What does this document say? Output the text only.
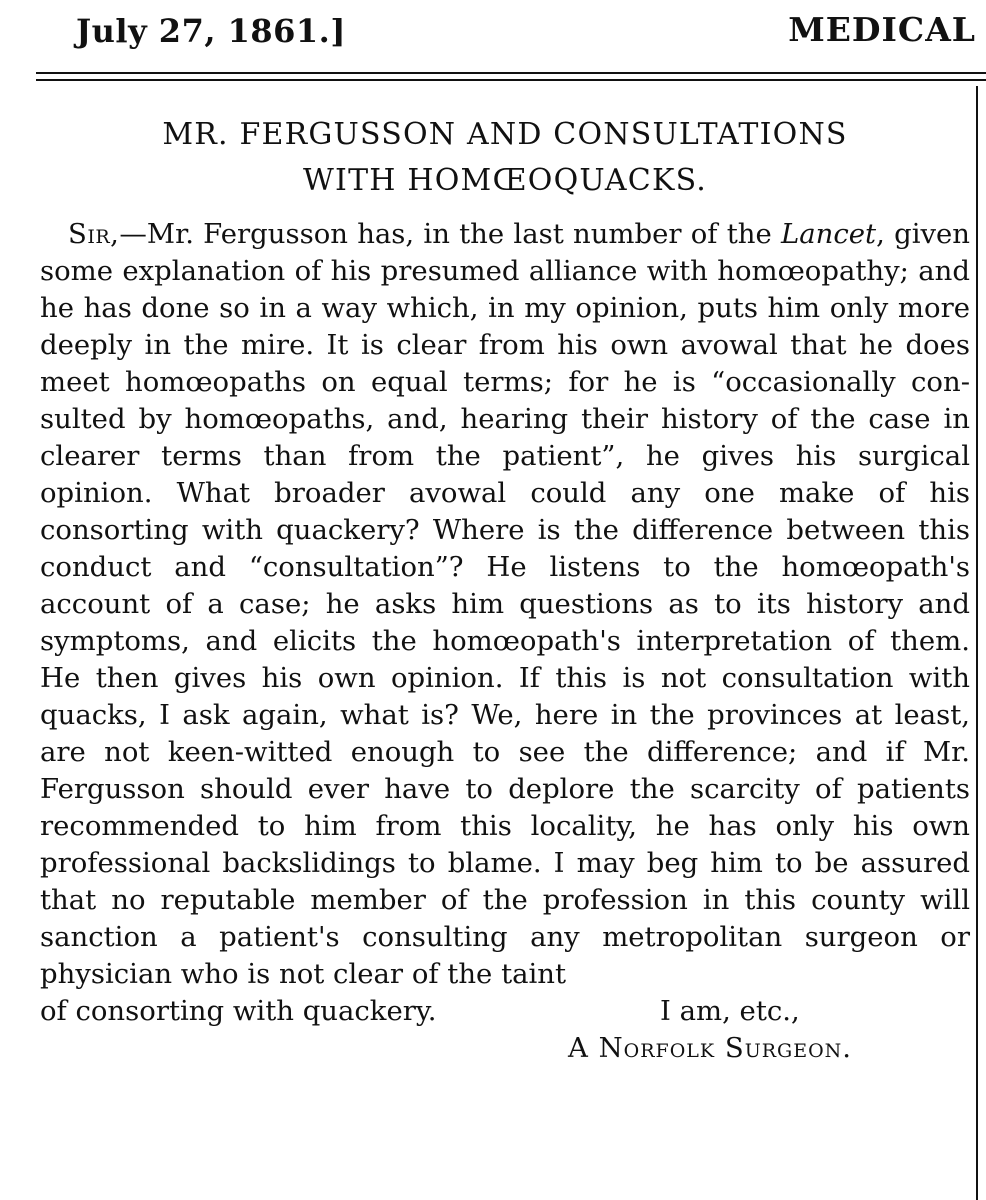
July 27, 1861.]	MEDICAL
MR. FERGUSSON AND CONSULTATIONS
WITH HOMŒOQUACKS.

Sir,—Mr. Fergusson has, in the last number of the Lancet, given some explanation of his presumed alliance with homœopathy; and he has done so in a way which, in my opinion, puts him only more deeply in the mire. It is clear from his own avowal that he does meet homœopaths on equal terms; for he is “occasionally consulted by homœopaths, and, hearing their history of the case in clearer terms than from the patient”, he gives his surgical opinion. What broader avowal could any one make of his consorting with quackery? Where is the difference between this conduct and “consultation”? He listens to the homœopath's account of a case; he asks him questions as to its history and symptoms, and elicits the homœopath's interpretation of them. He then gives his own opinion. If this is not consultation with quacks, I ask again, what is? We, here in the provinces at least, are not keen-witted enough to see the difference; and if Mr. Fergusson should ever have to deplore the scarcity of patients recommended to him from this locality, he has only his own professional backslidings to blame. I may beg him to be assured that no reputable member of the profession in this county will sanction a patient's consulting any metropolitan surgeon or physician who is not clear of the taint

of consorting with quackery.	I am, etc.,

A Norfolk Surgeon.
